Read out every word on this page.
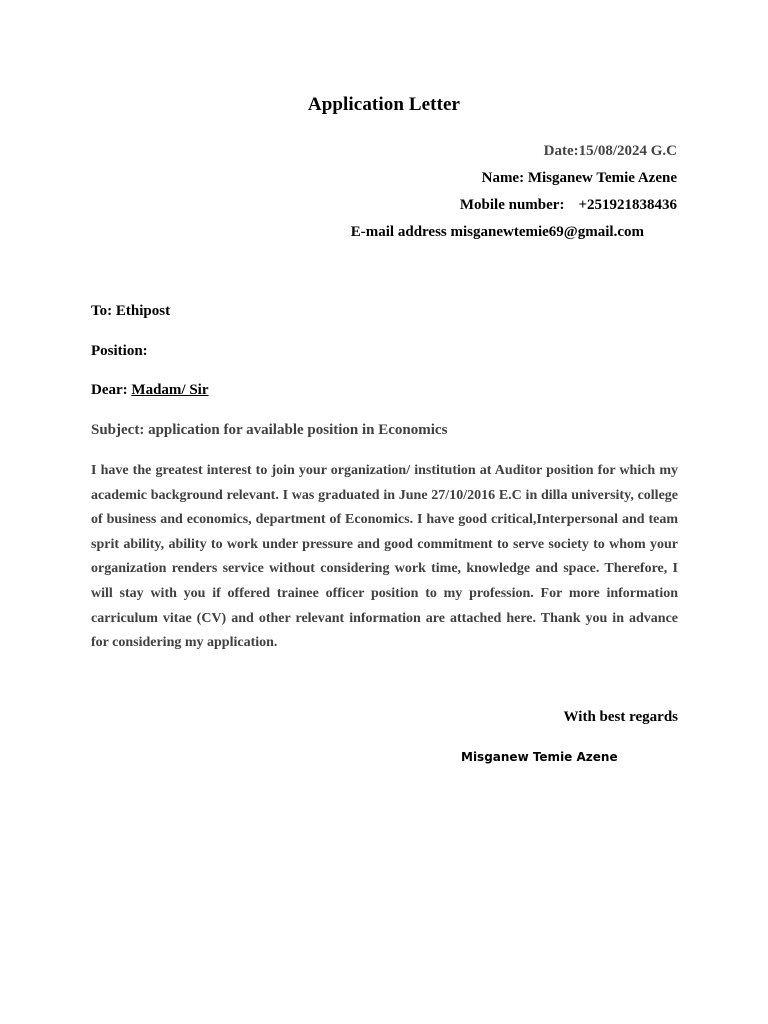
Application Letter
Date:15/08/2024 G.C
Name: Misganew Temie Azene
Mobile number: +251921838436
E-mail address misganewtemie69@gmail.com
To: Ethipost
Position:
Dear: Madam/ Sir
Subject: application for available position in Economics
I have the greatest interest to join your organization/ institution at Auditor position for which my academic background relevant. I was graduated in June 27/10/2016 E.C in dilla university, college of business and economics, department of Economics. I have good critical,Interpersonal and team sprit ability, ability to work under pressure and good commitment to serve society to whom your organization renders service without considering work time, knowledge and space. Therefore, I will stay with you if offered trainee officer position to my profession. For more information carriculum vitae (CV) and other relevant information are attached here. Thank you in advance for considering my application.
With best regards
Misganew Temie Azene
